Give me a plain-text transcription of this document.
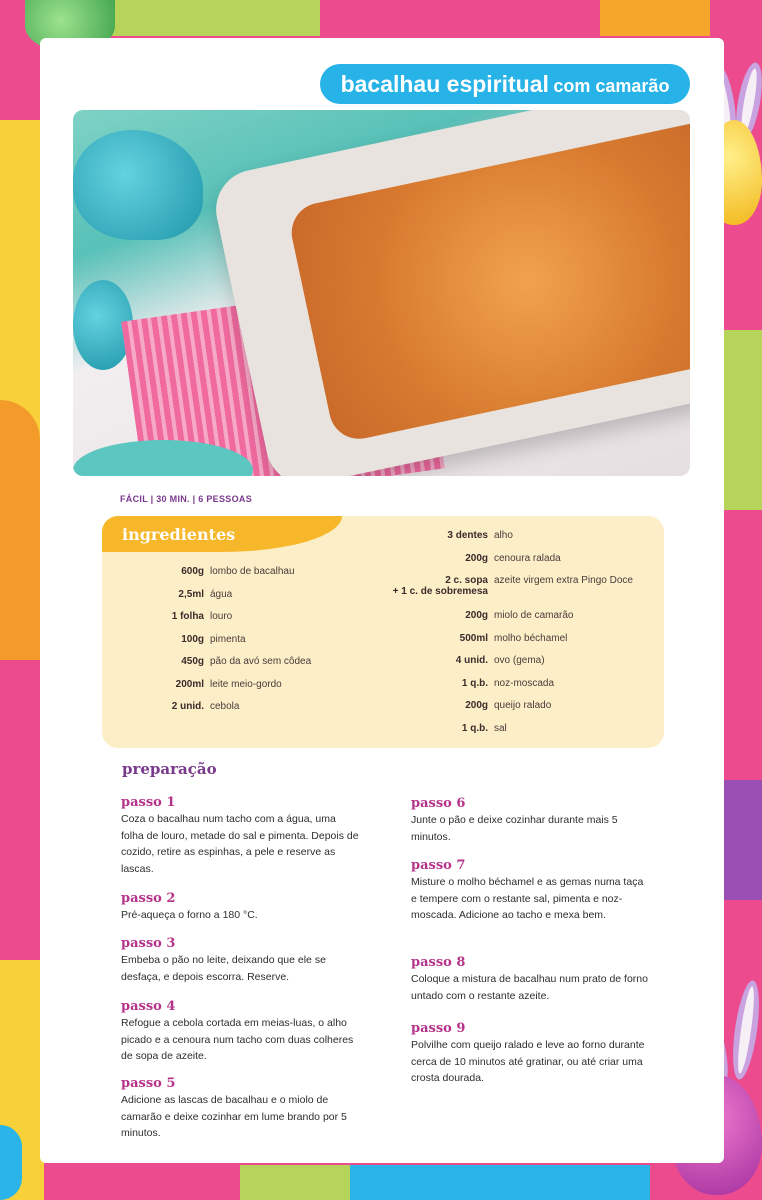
bacalhau espiritual com camarão
FÁCIL | 30 MIN. | 6 PESSOAS
ingredientes
600g lombo de bacalhau
2,5ml água
1 folha louro
100g pimenta
450g pão da avó sem côdea
200ml leite meio-gordo
2 unid. cebola
3 dentes alho
200g cenoura ralada
2 c. sopa
+ 1 c. de sobremesa
azeite virgem extra Pingo Doce
200g miolo de camarão
500ml molho béchamel
4 unid. ovo (gema)
1 q.b. noz-moscada
200g queijo ralado
1 q.b. sal
preparação
passo 1
Coza o bacalhau num tacho com a água, uma folha de louro, metade do sal e pimenta. Depois de cozido, retire as espinhas, a pele e reserve as lascas.
passo 2
Pré-aqueça o forno a 180 °C.
passo 3
Embeba o pão no leite, deixando que ele se desfaça, e depois escorra. Reserve.
passo 4
Refogue a cebola cortada em meias-luas, o alho picado e a cenoura num tacho com duas colheres de sopa de azeite.
passo 5
Adicione as lascas de bacalhau e o miolo de camarão e deixe cozinhar em lume brando por 5 minutos.
passo 6
Junte o pão e deixe cozinhar durante mais 5 minutos.
passo 7
Misture o molho béchamel e as gemas numa taça e tempere com o restante sal, pimenta e noz-moscada. Adicione ao tacho e mexa bem.
passo 8
Coloque a mistura de bacalhau num prato de forno untado com o restante azeite.
passo 9
Polvilhe com queijo ralado e leve ao forno durante cerca de 10 minutos até gratinar, ou até criar uma crosta dourada.
